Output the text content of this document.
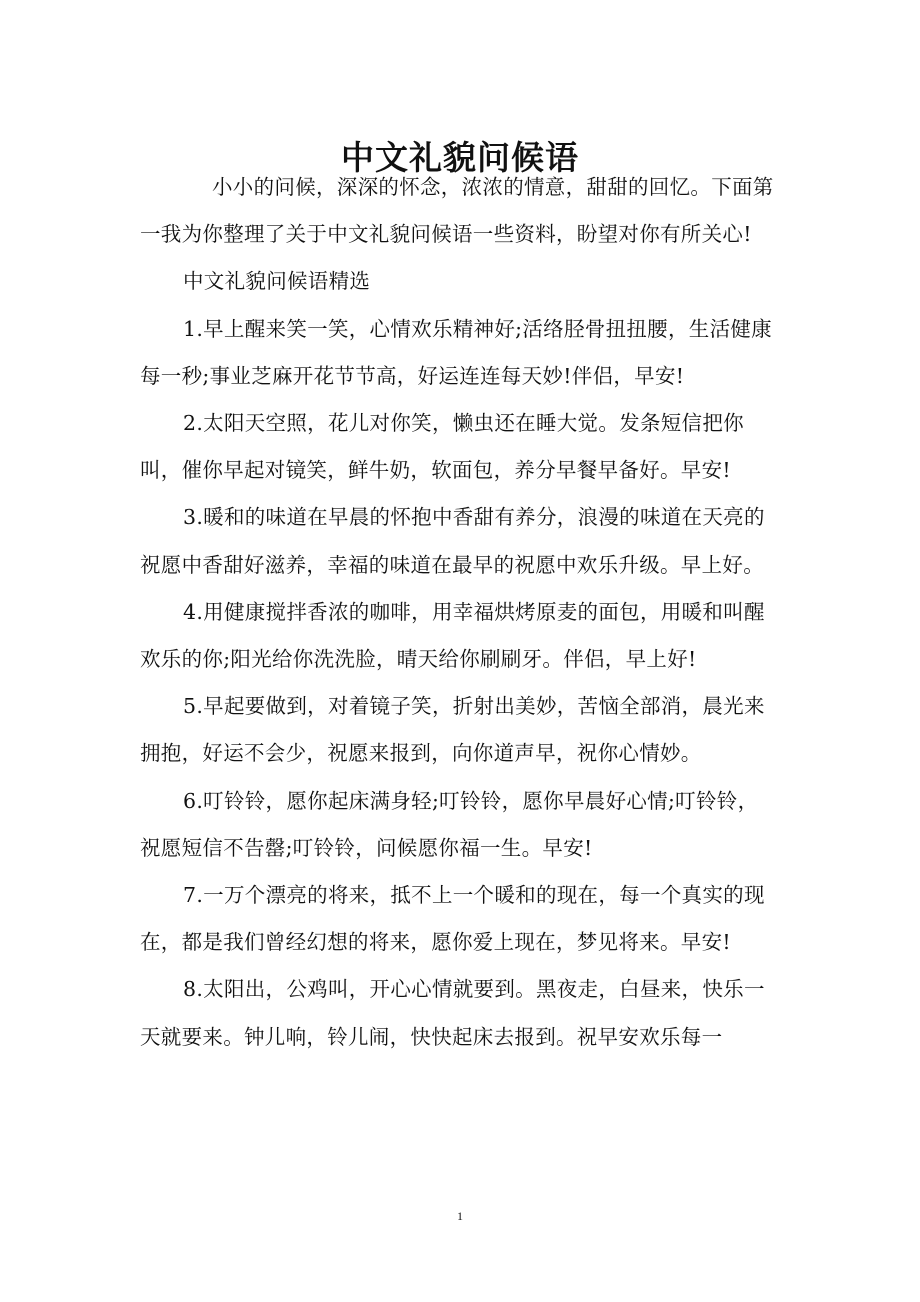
中文礼貌问候语

小小的问候，深深的怀念，浓浓的情意，甜甜的回忆。下面第一我为你整理了关于中文礼貌问候语一些资料，盼望对你有所关心!

中文礼貌问候语精选

1.早上醒来笑一笑，心情欢乐精神好;活络胫骨扭扭腰，生活健康每一秒;事业芝麻开花节节高，好运连连每天妙!伴侣，早安!

2.太阳天空照，花儿对你笑，懒虫还在睡大觉。发条短信把你叫，催你早起对镜笑，鲜牛奶，软面包，养分早餐早备好。早安!

3.暖和的味道在早晨的怀抱中香甜有养分，浪漫的味道在天亮的祝愿中香甜好滋养，幸福的味道在最早的祝愿中欢乐升级。早上好。

4.用健康搅拌香浓的咖啡，用幸福烘烤原麦的面包，用暖和叫醒欢乐的你;阳光给你洗洗脸，晴天给你刷刷牙。伴侣，早上好!

5.早起要做到，对着镜子笑，折射出美妙，苦恼全部消，晨光来拥抱，好运不会少，祝愿来报到，向你道声早，祝你心情妙。

6.叮铃铃，愿你起床满身轻;叮铃铃，愿你早晨好心情;叮铃铃，祝愿短信不告罄;叮铃铃，问候愿你福一生。早安!

7.一万个漂亮的将来，抵不上一个暖和的现在，每一个真实的现在，都是我们曾经幻想的将来，愿你爱上现在，梦见将来。早安!

8.太阳出，公鸡叫，开心心情就要到。黑夜走，白昼来，快乐一天就要来。钟儿响，铃儿闹，快快起床去报到。祝早安欢乐每一

1
